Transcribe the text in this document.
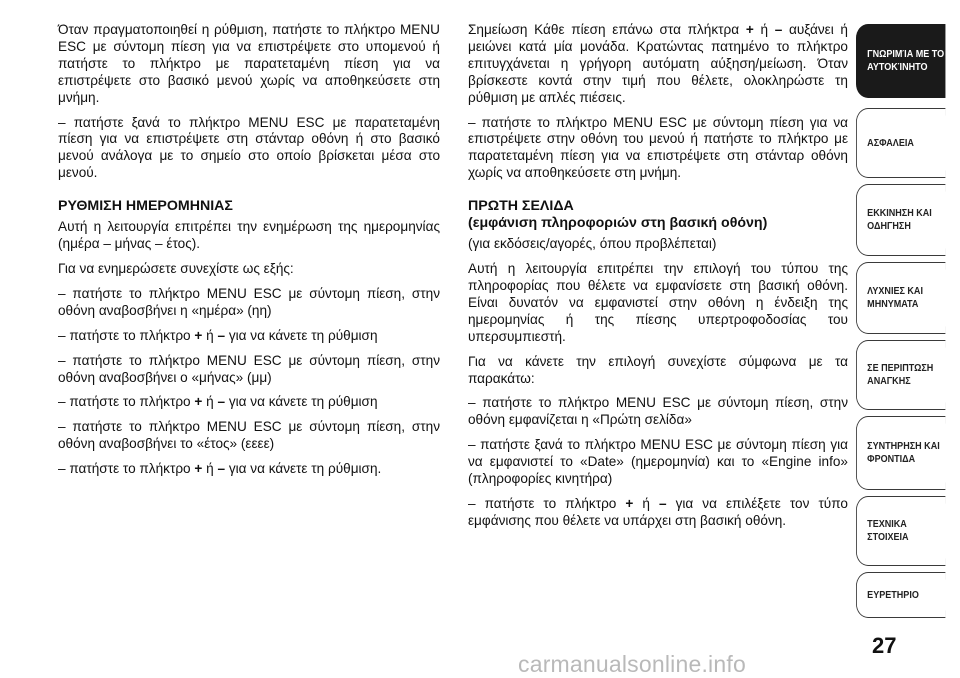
Όταν πραγματοποιηθεί η ρύθμιση, πατήστε το πλήκτρο MENU ESC με σύντομη πίεση για να επιστρέψετε στο υπομενού ή πατήστε το πλήκτρο με παρατεταμένη πίεση για να επιστρέψετε στο βασικό μενού χωρίς να αποθηκεύσετε στη μνήμη.

– πατήστε ξανά το πλήκτρο MENU ESC με παρατεταμένη πίεση για να επιστρέψετε στη στάνταρ οθόνη ή στο βασικό μενού ανάλογα με το σημείο στο οποίο βρίσκεται μέσα στο μενού.

ΡΥΘΜΙΣΗ ΗΜΕΡΟΜΗΝΙΑΣ

Αυτή η λειτουργία επιτρέπει την ενημέρωση της ημερομηνίας (ημέρα – μήνας – έτος).

Για να ενημερώσετε συνεχίστε ως εξής:

– πατήστε το πλήκτρο MENU ESC με σύντομη πίεση, στην οθόνη αναβοσβήνει η «ημέρα» (ηη)

– πατήστε το πλήκτρο + ή – για να κάνετε τη ρύθμιση

– πατήστε το πλήκτρο MENU ESC με σύντομη πίεση, στην οθόνη αναβοσβήνει ο «μήνας» (μμ)

– πατήστε το πλήκτρο + ή – για να κάνετε τη ρύθμιση

– πατήστε το πλήκτρο MENU ESC με σύντομη πίεση, στην οθόνη αναβοσβήνει το «έτος» (εεεε)

– πατήστε το πλήκτρο + ή – για να κάνετε τη ρύθμιση.

Σημείωση Κάθε πίεση επάνω στα πλήκτρα + ή – αυξάνει ή μειώνει κατά μία μονάδα. Κρατώντας πατημένο το πλήκτρο επιτυγχάνεται η γρήγορη αυτόματη αύξηση/μείωση. Όταν βρίσκεστε κοντά στην τιμή που θέλετε, ολοκληρώστε τη ρύθμιση με απλές πιέσεις.

– πατήστε το πλήκτρο MENU ESC με σύντομη πίεση για να επιστρέψετε στην οθόνη του μενού ή πατήστε το πλήκτρο με παρατεταμένη πίεση για να επιστρέψετε στη στάνταρ οθόνη χωρίς να αποθηκεύσετε στη μνήμη.

ΠΡΩΤΗ ΣΕΛΙΔΑ
(εμφάνιση πληροφοριών στη βασική οθόνη)

(για εκδόσεις/αγορές, όπου προβλέπεται)

Αυτή η λειτουργία επιτρέπει την επιλογή του τύπου της πληροφορίας που θέλετε να εμφανίσετε στη βασική οθόνη. Είναι δυνατόν να εμφανιστεί στην οθόνη η ένδειξη της ημερομηνίας ή της πίεσης υπερτροφοδοσίας του υπερσυμπιεστή.

Για να κάνετε την επιλογή συνεχίστε σύμφωνα με τα παρακάτω:

– πατήστε το πλήκτρο MENU ESC με σύντομη πίεση, στην οθόνη εμφανίζεται η «Πρώτη σελίδα»

– πατήστε ξανά το πλήκτρο MENU ESC με σύντομη πίεση για να εμφανιστεί το «Date» (ημερομηνία) και το «Engine info» (πληροφορίες κινητήρα)

– πατήστε το πλήκτρο + ή – για να επιλέξετε τον τύπο εμφάνισης που θέλετε να υπάρχει στη βασική οθόνη.

ΓΝΩΡΙΜΊΑ ΜΕ ΤΟ
ΑΥΤΟΚΊΝΗΤΟ
ΑΣΦΑΛΕΙΑ
ΕΚΚΙΝΗΣΗ ΚΑΙ
ΟΔΗΓΗΣΗ
ΛΥΧΝΙΕΣ ΚΑΙ
ΜΗΝΥΜΑΤΑ
ΣΕ ΠΕΡΙΠΤΩΣΗ
ΑΝΑΓΚΗΣ
ΣΥΝΤΗΡΗΣΗ ΚΑΙ
ΦΡΟΝΤΙΔΑ
ΤΕΧΝΙΚΑ ΣΤΟΙΧΕΙΑ
ΕΥΡΕΤΗΡΙΟ
27
carmanualsonline.info
